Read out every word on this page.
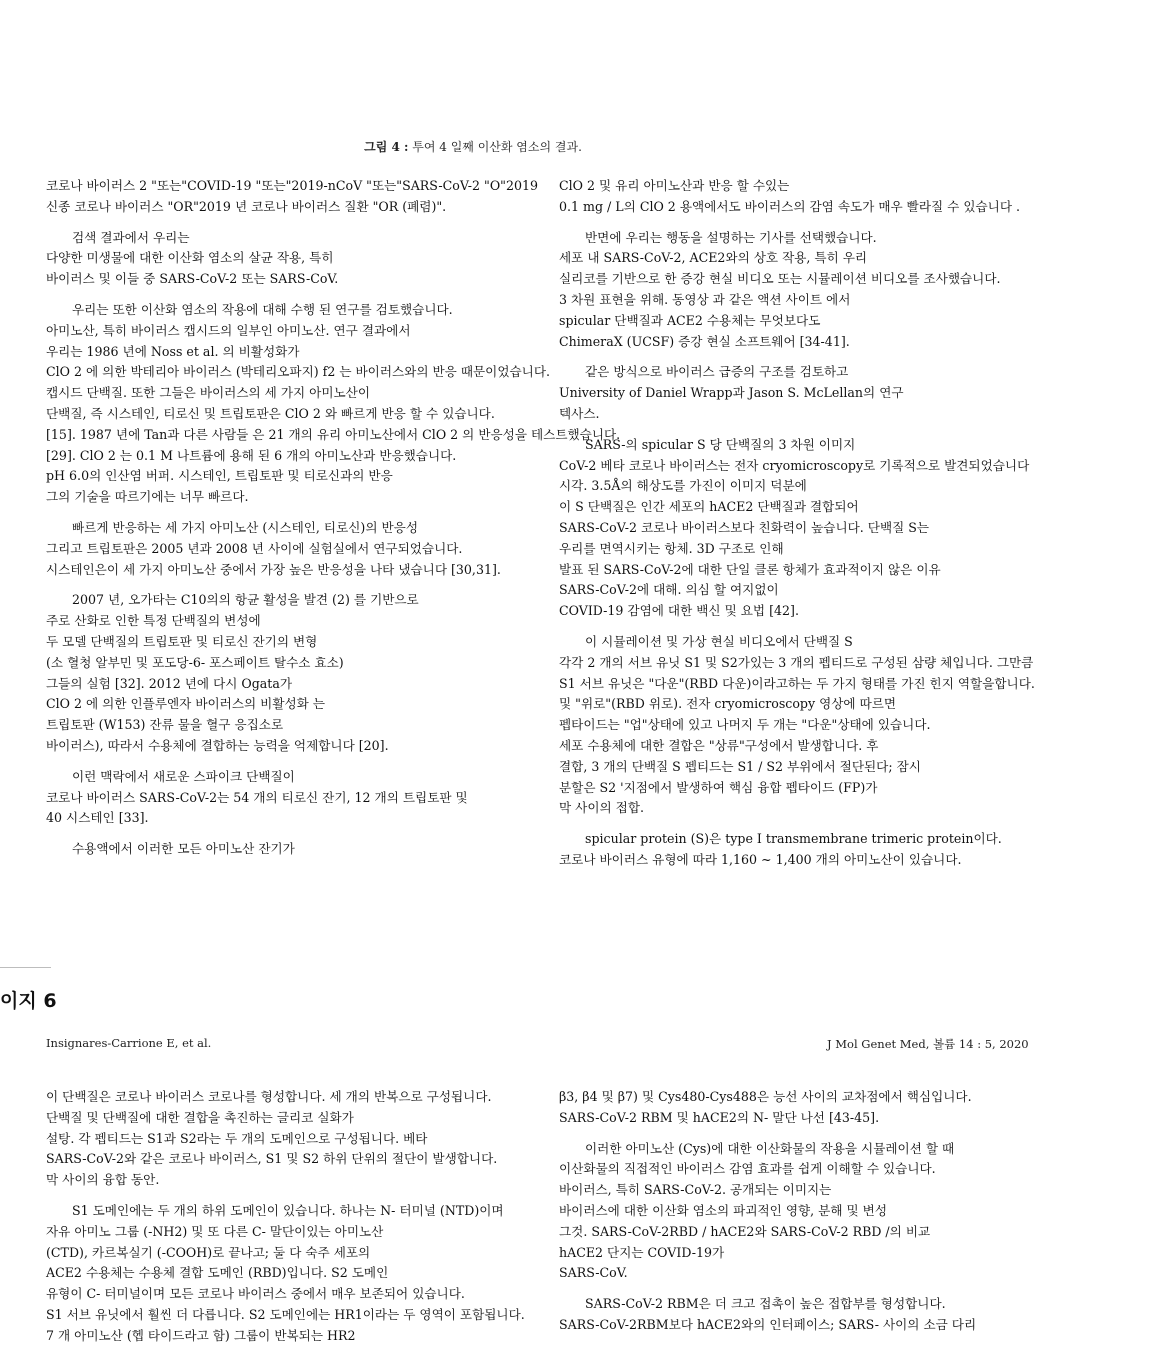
그림 4 : 투여 4 일째 이산화 염소의 결과.

코로나 바이러스 2 "또는"COVID-19 "또는"2019-nCoV "또는"SARS-CoV-2 "O"2019
신종 코로나 바이러스 "OR"2019 년 코로나 바이러스 질환 "OR (폐렴)".

검색 결과에서 우리는
다양한 미생물에 대한 이산화 염소의 살균 작용, 특히
바이러스 및 이들 중 SARS-CoV-2 또는 SARS-CoV.

우리는 또한 이산화 염소의 작용에 대해 수행 된 연구를 검토했습니다.
아미노산, 특히 바이러스 캡시드의 일부인 아미노산. 연구 결과에서
우리는 1986 년에 Noss et al. 의 비활성화가
ClO 2 에 의한 박테리아 바이러스 (박테리오파지) f2 는 바이러스와의 반응 때문이었습니다.
캡시드 단백질. 또한 그들은 바이러스의 세 가지 아미노산이
단백질, 즉 시스테인, 티로신 및 트립토판은 ClO 2 와 빠르게 반응 할 수 있습니다.
[15]. 1987 년에 Tan과 다른 사람들 은 21 개의 유리 아미노산에서 ClO 2 의 반응성을 테스트했습니다.
[29]. ClO 2 는 0.1 M 나트륨에 용해 된 6 개의 아미노산과 반응했습니다.
pH 6.0의 인산염 버퍼. 시스테인, 트립토판 및 티로신과의 반응
그의 기술을 따르기에는 너무 빠르다.

빠르게 반응하는 세 가지 아미노산 (시스테인, 티로신)의 반응성
그리고 트립토판은 2005 년과 2008 년 사이에 실험실에서 연구되었습니다.
시스테인은이 세 가지 아미노산 중에서 가장 높은 반응성을 나타 냈습니다 [30,31].

2007 년, 오가타는 C10의의 항균 활성을 발견 (2) 를 기반으로
주로 산화로 인한 특정 단백질의 변성에
두 모델 단백질의 트립토판 및 티로신 잔기의 변형
(소 혈청 알부민 및 포도당-6- 포스페이트 탈수소 효소)
그들의 실험 [32]. 2012 년에 다시 Ogata가
ClO 2 에 의한 인플루엔자 바이러스의 비활성화 는
트립토판 (W153) 잔류 물을 혈구 응집소로
바이러스), 따라서 수용체에 결합하는 능력을 억제합니다 [20].

이런 맥락에서 새로운 스파이크 단백질이
코로나 바이러스 SARS-CoV-2는 54 개의 티로신 잔기, 12 개의 트립토판 및
40 시스테인 [33].

수용액에서 이러한 모든 아미노산 잔기가

ClO 2 및 유리 아미노산과 반응 할 수있는
0.1 mg / L의 ClO 2 용액에서도 바이러스의 감염 속도가 매우 빨라질 수 있습니다 .

반면에 우리는 행동을 설명하는 기사를 선택했습니다.
세포 내 SARS-CoV-2, ACE2와의 상호 작용, 특히 우리
실리코를 기반으로 한 증강 현실 비디오 또는 시뮬레이션 비디오를 조사했습니다.
3 차원 표현을 위해. 동영상 과 같은 액션 사이트 에서
spicular 단백질과 ACE2 수용체는 무엇보다도
ChimeraX (UCSF) 증강 현실 소프트웨어 [34-41].

같은 방식으로 바이러스 급증의 구조를 검토하고
University of Daniel Wrapp과 Jason S. McLellan의 연구
텍사스.

SARS-의 spicular S 당 단백질의 3 차원 이미지
CoV-2 베타 코로나 바이러스는 전자 cryomicroscopy로 기록적으로 발견되었습니다
시각. 3.5Å의 해상도를 가진이 이미지 덕분에
이 S 단백질은 인간 세포의 hACE2 단백질과 결합되어
SARS-CoV-2 코로나 바이러스보다 친화력이 높습니다. 단백질 S는
우리를 면역시키는 항체. 3D 구조로 인해
발표 된 SARS-CoV-2에 대한 단일 클론 항체가 효과적이지 않은 이유
SARS-CoV-2에 대해. 의심 할 여지없이
COVID-19 감염에 대한 백신 및 요법 [42].

이 시뮬레이션 및 가상 현실 비디오에서 단백질 S
각각 2 개의 서브 유닛 S1 및 S2가있는 3 개의 펩티드로 구성된 삼량 체입니다. 그만큼
S1 서브 유닛은 "다운"(RBD 다운)이라고하는 두 가지 형태를 가진 힌지 역할을합니다.
및 "위로"(RBD 위로). 전자 cryomicroscopy 영상에 따르면
펩타이드는 "업"상태에 있고 나머지 두 개는 "다운"상태에 있습니다.
세포 수용체에 대한 결합은 "상류"구성에서 발생합니다. 후
결합, 3 개의 단백질 S 펩티드는 S1 / S2 부위에서 절단된다; 잠시
분할은 S2 '지점에서 발생하여 핵심 융합 펩타이드 (FP)가
막 사이의 접합.

spicular protein (S)은 type I transmembrane trimeric protein이다.
코로나 바이러스 유형에 따라 1,160 ~ 1,400 개의 아미노산이 있습니다.

이지 6
Insignares-Carrione E, et al.	J Mol Genet Med, 볼륨 14 : 5, 2020

이 단백질은 코로나 바이러스 코로나를 형성합니다. 세 개의 반복으로 구성됩니다.
단백질 및 단백질에 대한 결합을 촉진하는 글리코 실화가
설탕. 각 펩티드는 S1과 S2라는 두 개의 도메인으로 구성됩니다. 베타
SARS-CoV-2와 같은 코로나 바이러스, S1 및 S2 하위 단위의 절단이 발생합니다.
막 사이의 융합 동안.

S1 도메인에는 두 개의 하위 도메인이 있습니다. 하나는 N- 터미널 (NTD)이며
자유 아미노 그룹 (-NH2) 및 또 다른 C- 말단이있는 아미노산
(CTD), 카르복실기 (-COOH)로 끝나고; 둘 다 숙주 세포의
ACE2 수용체는 수용체 결합 도메인 (RBD)입니다. S2 도메인
유형이 C- 터미널이며 모든 코로나 바이러스 중에서 매우 보존되어 있습니다.
S1 서브 유닛에서 훨씬 더 다릅니다. S2 도메인에는 HR1이라는 두 영역이 포함됩니다.
7 개 아미노산 (헵 타이드라고 함) 그룹이 반복되는 HR2

β3, β4 및 β7) 및 Cys480-Cys488은 능선 사이의 교차점에서 핵심입니다.
SARS-CoV-2 RBM 및 hACE2의 N- 말단 나선 [43-45].

이러한 아미노산 (Cys)에 대한 이산화물의 작용을 시뮬레이션 할 때
이산화물의 직접적인 바이러스 감염 효과를 쉽게 이해할 수 있습니다.
바이러스, 특히 SARS-CoV-2. 공개되는 이미지는
바이러스에 대한 이산화 염소의 파괴적인 영향, 분해 및 변성
그것. SARS-CoV-2RBD / hACE2와 SARS-CoV-2 RBD /의 비교
hACE2 단지는 COVID-19가
SARS-CoV.

SARS-CoV-2 RBM은 더 크고 접촉이 높은 접합부를 형성합니다.
SARS-CoV-2RBM보다 hACE2와의 인터페이스; SARS- 사이의 소금 다리
